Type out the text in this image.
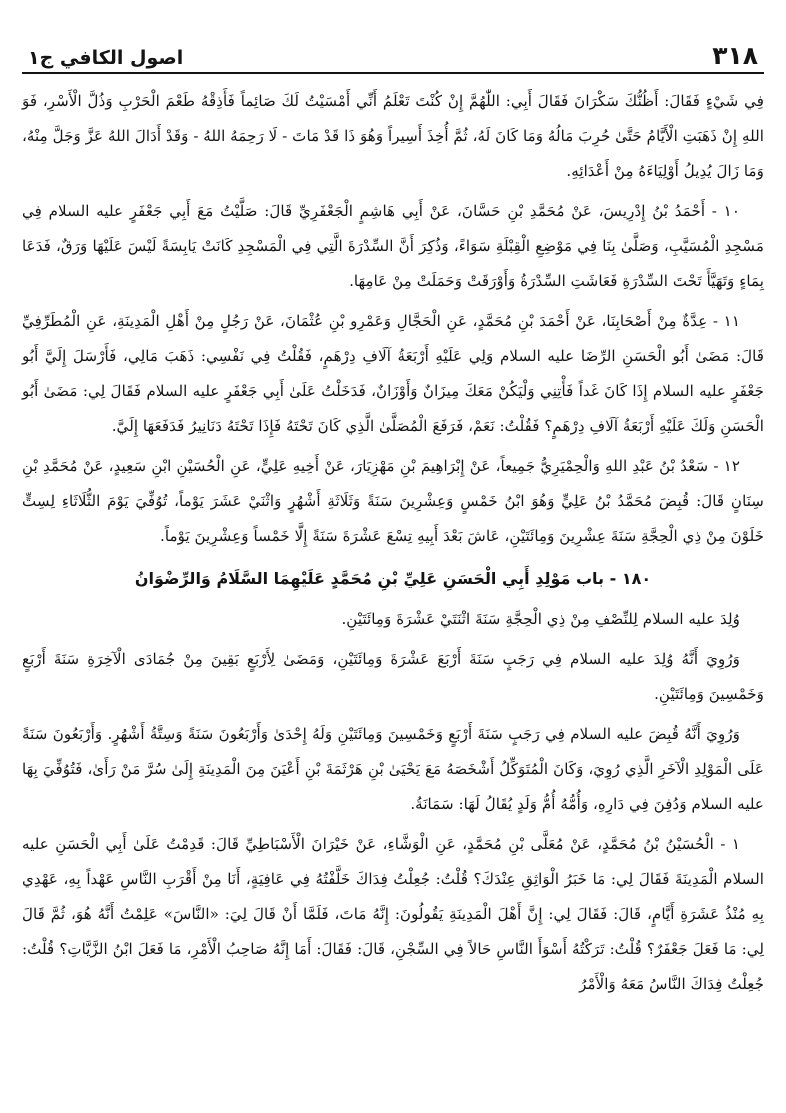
٣١٨
اصول الكافي ج١

فِي شَيْءٍ فَقَالَ: أَظُنُّكَ سَكْرَانَ فَقَالَ أَبِي: اللّٰهُمَّ إِنْ كُنْتَ تَعْلَمُ أَنِّي أَمْسَيْتُ لَكَ صَائِماً فَأَذِقْهُ طَعْمَ الْحَرْبِ وَذُلَّ الْأَسْرِ، فَوَ اللهِ إِنْ ذَهَبَتِ الْأَيَّامُ حَتَّىٰ حُرِبَ مَالُهُ وَمَا كَانَ لَهُ، ثُمَّ أُخِذَ أَسِيراً وَهُوَ ذَا قَدْ مَاتَ - لَا رَحِمَهُ اللهُ - وَقَدْ أَدَالَ اللهُ عَزَّ وَجَلَّ مِنْهُ، وَمَا زَالَ يُدِيلُ أَوْلِيَاءَهُ مِنْ أَعْدَائِهِ.

١٠ - أَحْمَدُ بْنُ إِدْرِيسَ، عَنْ مُحَمَّدِ بْنِ حَسَّانَ، عَنْ أَبِي هَاشِمٍ الْجَعْفَرِيِّ قَالَ: صَلَّيْتُ مَعَ أَبِي جَعْفَرٍ عليه السلام فِي مَسْجِدِ الْمُسَيَّبِ، وَصَلَّىٰ بِنَا فِي مَوْضِعِ الْقِبْلَةِ سَوَاءً، وَذُكِرَ أَنَّ السِّدْرَةَ الَّتِي فِي الْمَسْجِدِ كَانَتْ يَابِسَةً لَيْسَ عَلَيْهَا وَرَقٌ، فَدَعَا بِمَاءٍ وَتَهَيَّأَ تَحْتَ السِّدْرَةِ فَعَاشَتِ السِّدْرَةُ وَأَوْرَقَتْ وَحَمَلَتْ مِنْ عَامِهَا.

١١ - عِدَّةٌ مِنْ أَصْحَابِنَا، عَنْ أَحْمَدَ بْنِ مُحَمَّدٍ، عَنِ الْحَجَّالِ وَعَمْرِو بْنِ عُثْمَانَ، عَنْ رَجُلٍ مِنْ أَهْلِ الْمَدِينَةِ، عَنِ الْمُطَرِّفِيِّ قَالَ: مَضَىٰ أَبُو الْحَسَنِ الرِّضَا عليه السلام وَلِي عَلَيْهِ أَرْبَعَةُ آلَافِ دِرْهَمٍ، فَقُلْتُ فِي نَفْسِي: ذَهَبَ مَالِي، فَأَرْسَلَ إِلَيَّ أَبُو جَعْفَرٍ عليه السلام إِذَا كَانَ غَداً فَأْتِنِي وَلْيَكُنْ مَعَكَ مِيزَانٌ وَأَوْزَانٌ، فَدَخَلْتُ عَلَىٰ أَبِي جَعْفَرٍ عليه السلام فَقَالَ لِي: مَضَىٰ أَبُو الْحَسَنِ وَلَكَ عَلَيْهِ أَرْبَعَةُ آلَافِ دِرْهَمٍ؟ فَقُلْتُ: نَعَمْ، فَرَفَعَ الْمُصَلَّىٰ الَّذِي كَانَ تَحْتَهُ فَإِذَا تَحْتَهُ دَنَانِيرُ فَدَفَعَهَا إِلَيَّ.

١٢ - سَعْدُ بْنُ عَبْدِ اللهِ وَالْحِمْيَرِيُّ جَمِيعاً، عَنْ إِبْرَاهِيمَ بْنِ مَهْزِيَارَ، عَنْ أَخِيهِ عَلِيٍّ، عَنِ الْحُسَيْنِ ابْنِ سَعِيدٍ، عَنْ مُحَمَّدِ بْنِ سِنَانٍ قَالَ: قُبِضَ مُحَمَّدُ بْنُ عَلِيٍّ وَهُوَ ابْنُ خَمْسٍ وَعِشْرِينَ سَنَةً وَثَلَاثَةِ أَشْهُرٍ وَاثْنَيْ عَشَرَ يَوْماً، تُوُفِّيَ يَوْمَ الثُّلَاثَاءِ لِسِتٍّ خَلَوْنَ مِنْ ذِي الْحِجَّةِ سَنَةَ عِشْرِينَ وَمِائَتَيْنِ، عَاشَ بَعْدَ أَبِيهِ تِسْعَ عَشْرَةَ سَنَةً إِلَّا خَمْساً وَعِشْرِينَ يَوْماً.

١٨٠ - باب مَوْلِدِ أَبِي الْحَسَنِ عَلِيِّ بْنِ مُحَمَّدٍ عَلَيْهِمَا السَّلَامُ وَالرِّضْوَانُ

وُلِدَ عليه السلام لِلنِّصْفِ مِنْ ذِي الْحِجَّةِ سَنَةَ اثْنَتَيْ عَشْرَةَ وَمِائَتَيْنِ.

وَرُوِيَ أَنَّهُ وُلِدَ عليه السلام فِي رَجَبٍ سَنَةَ أَرْبَعَ عَشْرَةَ وَمِائَتَيْنِ، وَمَضَىٰ لِأَرْبَعٍ بَقِينَ مِنْ جُمَادَى الْآخِرَةِ سَنَةَ أَرْبَعٍ وَخَمْسِينَ وَمِائَتَيْنِ.

وَرُوِيَ أَنَّهُ قُبِضَ عليه السلام فِي رَجَبٍ سَنَةَ أَرْبَعٍ وَخَمْسِينَ وَمِائَتَيْنِ وَلَهُ إِحْدَىٰ وَأَرْبَعُونَ سَنَةً وَسِتَّةُ أَشْهُرٍ. وَأَرْبَعُونَ سَنَةً عَلَى الْمَوْلِدِ الْآخَرِ الَّذِي رُوِيَ، وَكَانَ الْمُتَوَكِّلُ أَشْخَصَهُ مَعَ يَحْيَىٰ بْنِ هَرْثَمَةَ بْنِ أَعْيَنَ مِنَ الْمَدِينَةِ إِلَىٰ سُرَّ مَنْ رَأَىٰ، فَتُوُفِّيَ بِهَا عليه السلام وَدُفِنَ فِي دَارِهِ، وَأُمُّهُ أُمُّ وَلَدٍ يُقَالُ لَهَا: سَمَانَةُ.

١ - الْحُسَيْنُ بْنُ مُحَمَّدٍ، عَنْ مُعَلَّى بْنِ مُحَمَّدٍ، عَنِ الْوَشَّاءِ، عَنْ خَيْرَانَ الْأَسْبَاطِيِّ قَالَ: قَدِمْتُ عَلَىٰ أَبِي الْحَسَنِ عليه السلام الْمَدِينَةَ فَقَالَ لِي: مَا خَبَرُ الْوَاثِقِ عِنْدَكَ؟ قُلْتُ: جُعِلْتُ فِدَاكَ خَلَّفْتُهُ فِي عَافِيَةٍ، أَنَا مِنْ أَقْرَبِ النَّاسِ عَهْداً بِهِ، عَهْدِي بِهِ مُنْذُ عَشَرَةِ أَيَّامٍ، قَالَ: فَقَالَ لِي: إِنَّ أَهْلَ الْمَدِينَةِ يَقُولُونَ: إِنَّهُ مَاتَ، فَلَمَّا أَنْ قَالَ لِيَ: «النَّاسَ» عَلِمْتُ أَنَّهُ هُوَ، ثُمَّ قَالَ لِي: مَا فَعَلَ جَعْفَرٌ؟ قُلْتُ: تَرَكْتُهُ أَسْوَأَ النَّاسِ حَالاً فِي السِّجْنِ، قَالَ: فَقَالَ: أَمَا إِنَّهُ صَاحِبُ الْأَمْرِ، مَا فَعَلَ ابْنُ الزَّيَّاتِ؟ قُلْتُ: جُعِلْتُ فِدَاكَ النَّاسُ مَعَهُ وَالْأَمْرُ
